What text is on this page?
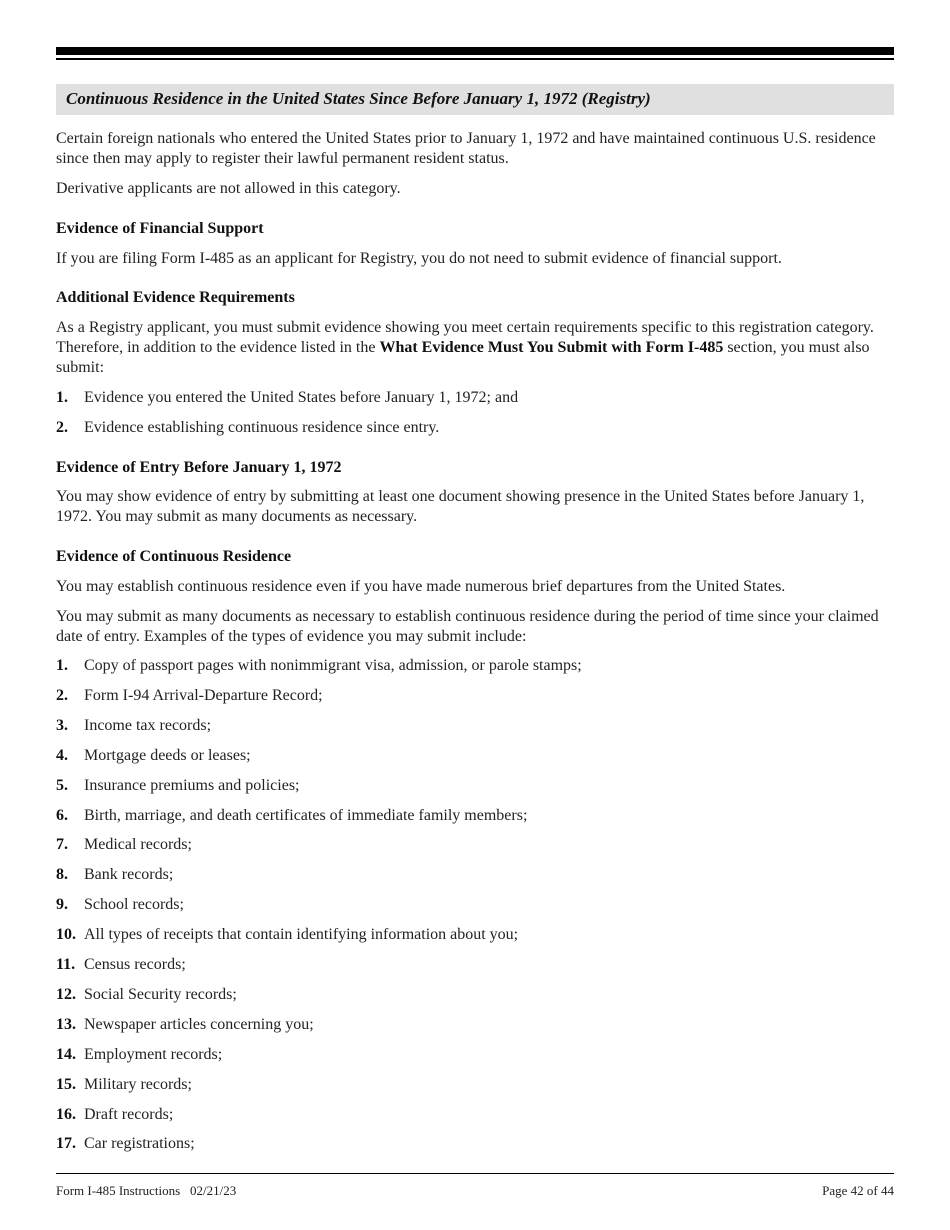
Continuous Residence in the United States Since Before January 1, 1972 (Registry)
Certain foreign nationals who entered the United States prior to January 1, 1972 and have maintained continuous U.S. residence since then may apply to register their lawful permanent resident status.
Derivative applicants are not allowed in this category.
Evidence of Financial Support
If you are filing Form I-485 as an applicant for Registry, you do not need to submit evidence of financial support.
Additional Evidence Requirements
As a Registry applicant, you must submit evidence showing you meet certain requirements specific to this registration category. Therefore, in addition to the evidence listed in the What Evidence Must You Submit with Form I-485 section, you must also submit:
1. Evidence you entered the United States before January 1, 1972; and
2. Evidence establishing continuous residence since entry.
Evidence of Entry Before January 1, 1972
You may show evidence of entry by submitting at least one document showing presence in the United States before January 1, 1972. You may submit as many documents as necessary.
Evidence of Continuous Residence
You may establish continuous residence even if you have made numerous brief departures from the United States.
You may submit as many documents as necessary to establish continuous residence during the period of time since your claimed date of entry. Examples of the types of evidence you may submit include:
1. Copy of passport pages with nonimmigrant visa, admission, or parole stamps;
2. Form I-94 Arrival-Departure Record;
3. Income tax records;
4. Mortgage deeds or leases;
5. Insurance premiums and policies;
6. Birth, marriage, and death certificates of immediate family members;
7. Medical records;
8. Bank records;
9. School records;
10. All types of receipts that contain identifying information about you;
11. Census records;
12. Social Security records;
13. Newspaper articles concerning you;
14. Employment records;
15. Military records;
16. Draft records;
17. Car registrations;
Form I-485 Instructions 02/21/23	Page 42 of 44
